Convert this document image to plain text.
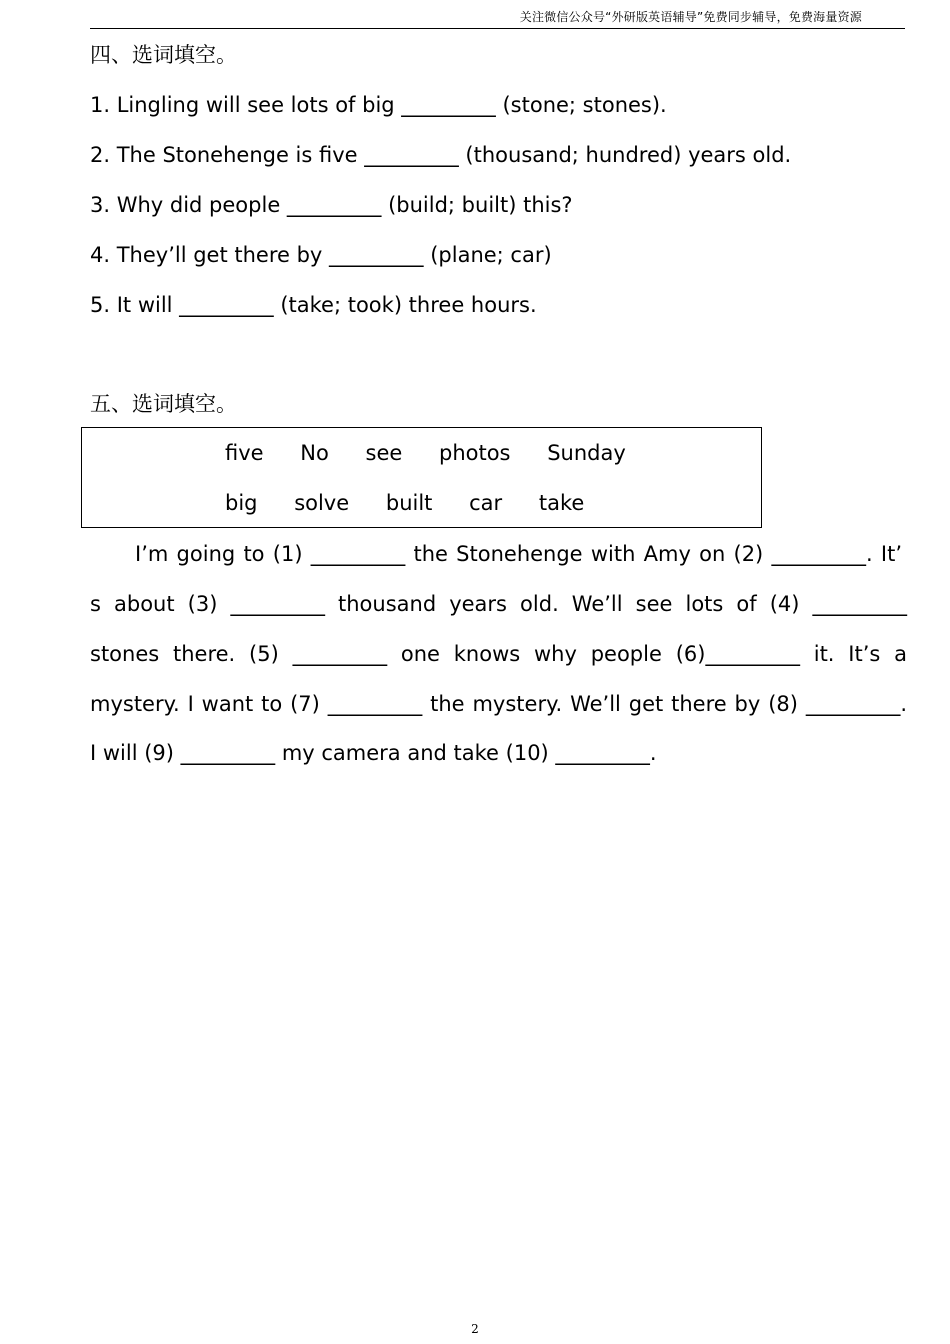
关注微信公众号“外研版英语辅导”免费同步辅导，免费海量资源
四、选词填空。
1. Lingling will see lots of big _________ (stone; stones).
2. The Stonehenge is five _________ (thousand; hundred) years old.
3. Why did people _________ (build; built) this?
4. They’ll get there by _________ (plane; car)
5. It will _________ (take; took) three hours.
五、选词填空。
five No see photos Sunday
big solve built car take
I’m going to (1) _________ the Stonehenge with Amy on (2) _________. It’
s about (3) _________ thousand years old. We’ll see lots of (4) _________
stones there. (5) _________ one knows why people (6)_________ it. It’s a
mystery. I want to (7) _________ the mystery. We’ll get there by (8) _________.
I will (9) _________ my camera and take (10) _________.
2
